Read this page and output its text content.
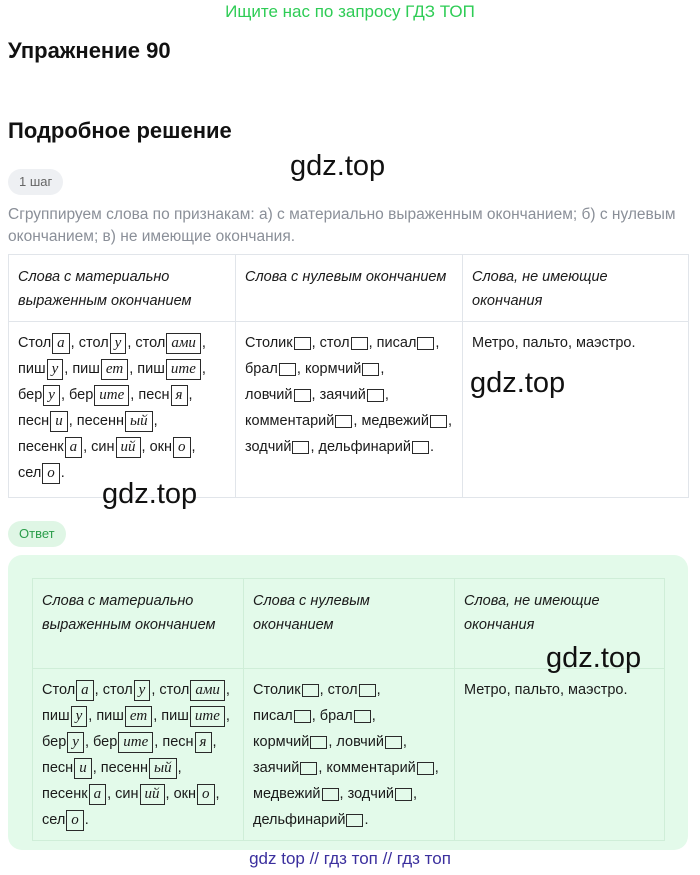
Ищите нас по запросу ГДЗ ТОП
Упражнение 90
Подробное решение
gdz.top
1 шаг
Сгруппируем слова по признакам: а) с материально выраженным окончанием; б) с нулевым окончанием; в) не имеющие окончания.
Слова с материально выраженным окончанием	Слова с нулевым окончанием	Слова, не имеющие окончания
Стол а , стол у , стол ами , пиш у , пиш ет , пиш ите , бер у , бер ите , песн я , песн и , песенн ый , песенк а , син ий , окн о , сел о .	Столик , стол , писал , брал , кормчий , ловчий , заячий , комментарий , медвежий , зодчий , дельфинарий .	Метро, пальто, маэстро.
gdz.top
gdz.top
Ответ
Слова с материально выраженным окончанием	Слова с нулевым окончанием	Слова, не имеющие окончания
Стол а , стол у , стол ами , пиш у , пиш ет , пиш ите , бер у , бер ите , песн я , песн и , песенн ый , песенк а , син ий , окн о , сел о .	Столик , стол , писал , брал , кормчий , ловчий , заячий , комментарий , медвежий , зодчий , дельфинарий .	Метро, пальто, маэстро.
gdz.top
gdz top // гдз топ // гдз топ
